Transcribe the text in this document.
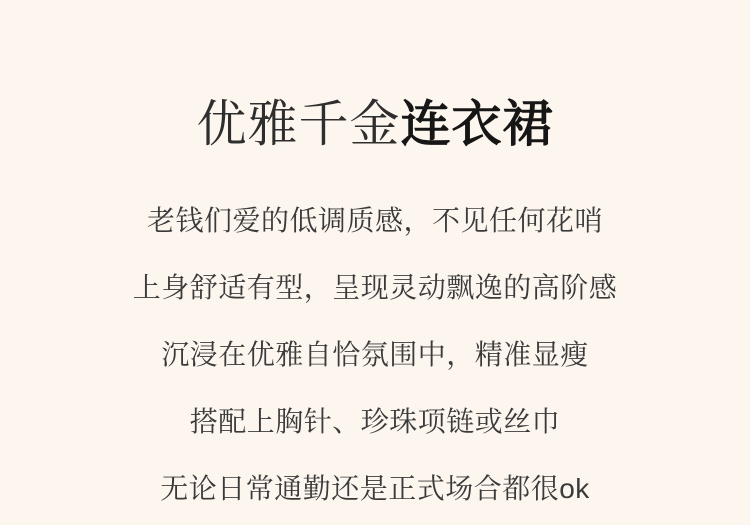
优雅千金连衣裙
老钱们爱的低调质感，不见任何花哨
上身舒适有型，呈现灵动飘逸的高阶感
沉浸在优雅自恰氛围中，精准显瘦
搭配上胸针、珍珠项链或丝巾
无论日常通勤还是正式场合都很ok
